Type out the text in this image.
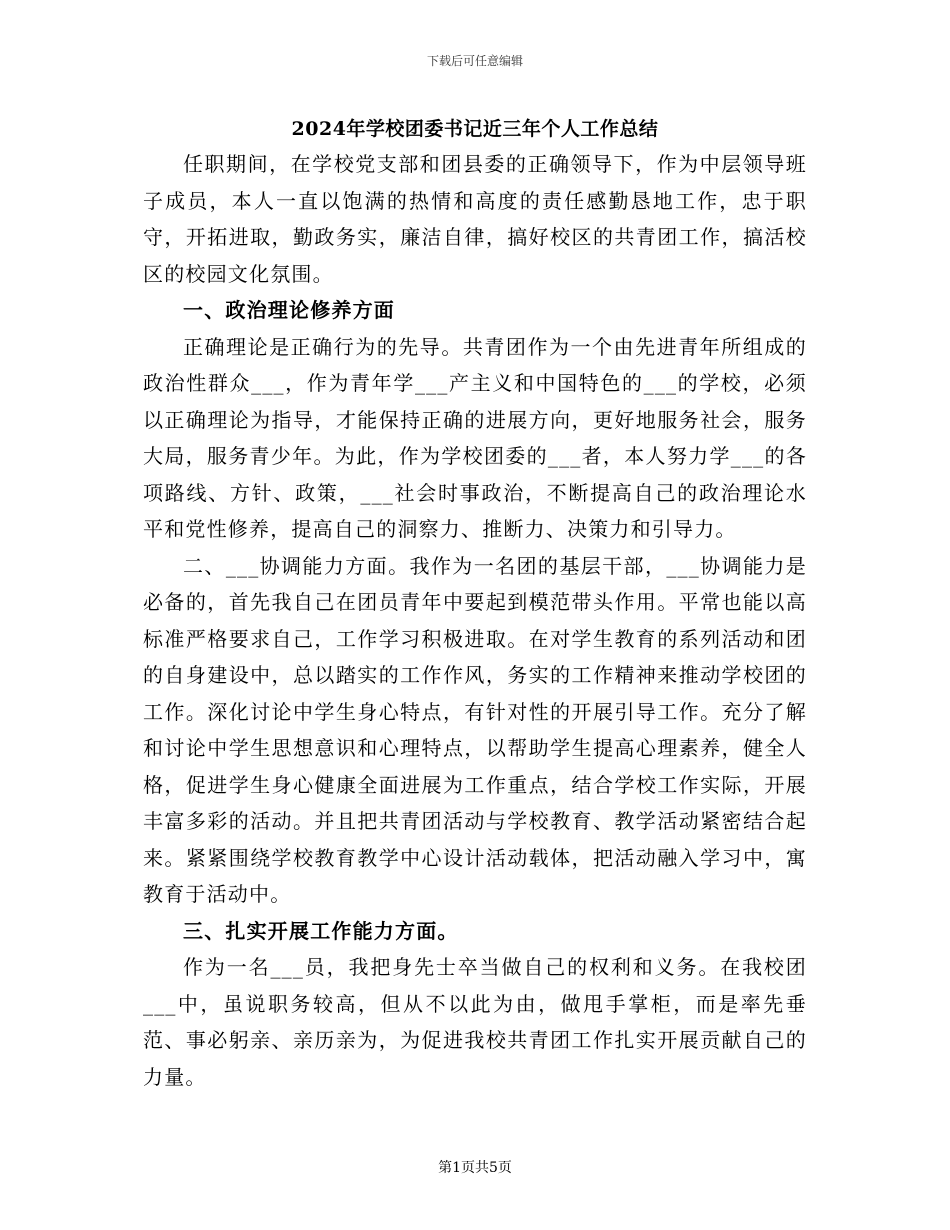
下载后可任意编辑
2024年学校团委书记近三年个人工作总结

任职期间，在学校党支部和团县委的正确领导下，作为中层领导班子成员，本人一直以饱满的热情和高度的责任感勤恳地工作，忠于职守，开拓进取，勤政务实，廉洁自律，搞好校区的共青团工作，搞活校区的校园文化氛围。

一、政治理论修养方面

正确理论是正确行为的先导。共青团作为一个由先进青年所组成的政治性群众___，作为青年学___产主义和中国特色的___的学校，必须以正确理论为指导，才能保持正确的进展方向，更好地服务社会，服务大局，服务青少年。为此，作为学校团委的___者，本人努力学___的各项路线、方针、政策，___社会时事政治，不断提高自己的政治理论水平和党性修养，提高自己的洞察力、推断力、决策力和引导力。

二、___协调能力方面。我作为一名团的基层干部，___协调能力是必备的，首先我自己在团员青年中要起到模范带头作用。平常也能以高标准严格要求自己，工作学习积极进取。在对学生教育的系列活动和团的自身建设中，总以踏实的工作作风，务实的工作精神来推动学校团的工作。深化讨论中学生身心特点，有针对性的开展引导工作。充分了解和讨论中学生思想意识和心理特点，以帮助学生提高心理素养，健全人格，促进学生身心健康全面进展为工作重点，结合学校工作实际，开展丰富多彩的活动。并且把共青团活动与学校教育、教学活动紧密结合起来。紧紧围绕学校教育教学中心设计活动载体，把活动融入学习中，寓教育于活动中。

三、扎实开展工作能力方面。

作为一名___员，我把身先士卒当做自己的权利和义务。在我校团___中，虽说职务较高，但从不以此为由，做甩手掌柜，而是率先垂范、事必躬亲、亲历亲为，为促进我校共青团工作扎实开展贡献自己的力量。

第1页共5页
